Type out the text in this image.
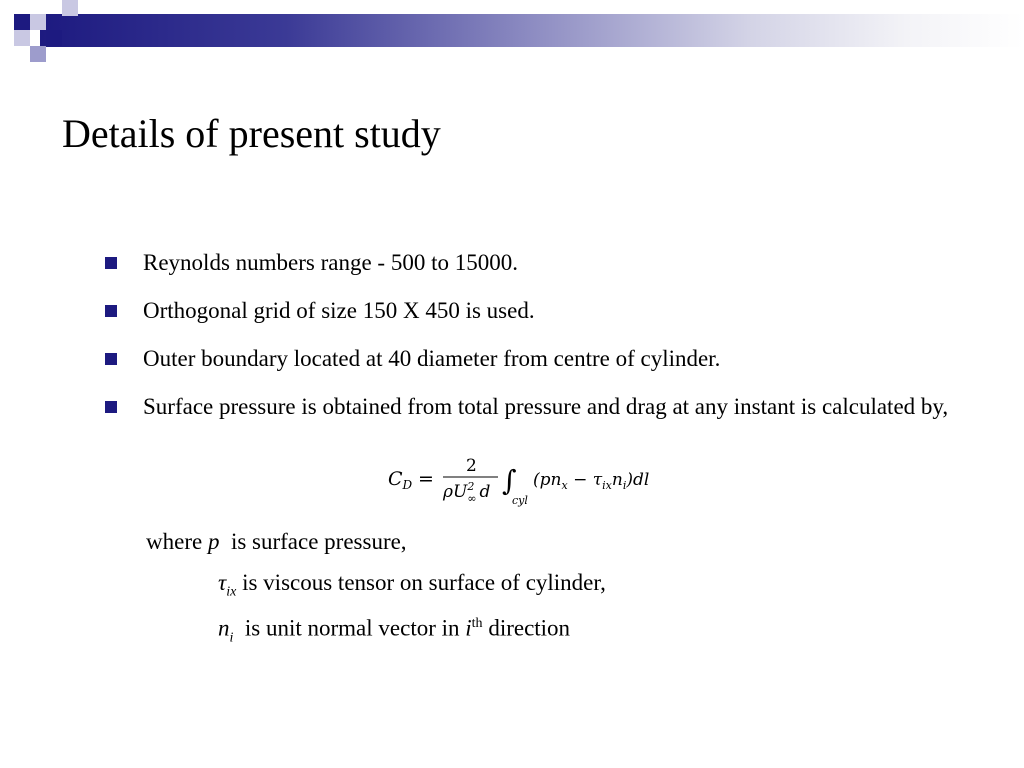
Details of present study
Reynolds numbers range - 500 to 15000.
Orthogonal grid of size 150 X 450 is used.
Outer boundary located at 40 diameter from centre of cylinder.
Surface pressure is obtained from total pressure and drag at any instant is calculated by,
$C_D$ =
2
$\rho U^2$ ∞ d ∫
cyl
$(pn_x - \tau_{ix}n_i)dl$
where p is surface pressure,
$\tau_{ix}$ is viscous tensor on surface of cylinder,
$n_i$ is unit normal vector in $i^{th}$ direction
